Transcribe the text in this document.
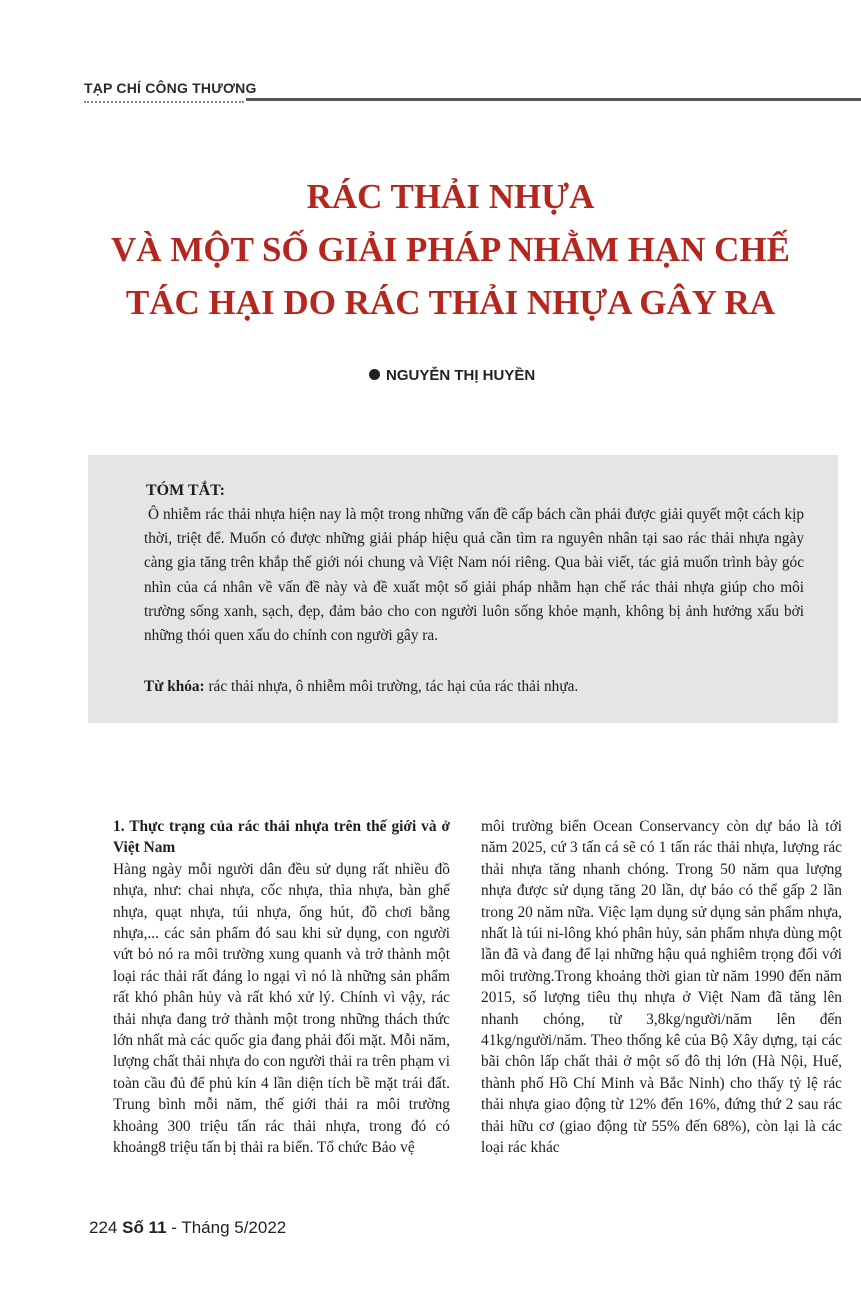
TẠP CHÍ CÔNG THƯƠNG
RÁC THẢI NHỰA
VÀ MỘT SỐ GIẢI PHÁP NHẰM HẠN CHẾ
TÁC HẠI DO RÁC THẢI NHỰA GÂY RA
NGUYỄN THỊ HUYỀN
TÓM TẮT:

Ô nhiễm rác thải nhựa hiện nay là một trong những vấn đề cấp bách cần phải được giải quyết một cách kịp thời, triệt để. Muốn có được những giải pháp hiệu quả cần tìm ra nguyên nhân tại sao rác thải nhựa ngày càng gia tăng trên khắp thế giới nói chung và Việt Nam nói riêng. Qua bài viết, tác giả muốn trình bày góc nhìn của cá nhân về vấn đề này và đề xuất một số giải pháp nhằm hạn chế rác thải nhựa giúp cho môi trường sống xanh, sạch, đẹp, đảm bảo cho con người luôn sống khỏe mạnh, không bị ảnh hưởng xấu bởi những thói quen xấu do chính con người gây ra.

Từ khóa: rác thải nhựa, ô nhiễm môi trường, tác hại của rác thải nhựa.

1. Thực trạng của rác thải nhựa trên thế giới và ở Việt Nam

Hàng ngày mỗi người dân đều sử dụng rất nhiều đồ nhựa, như: chai nhựa, cốc nhựa, thìa nhựa, bàn ghế nhựa, quạt nhựa, túi nhựa, ống hút, đồ chơi bằng nhựa,... các sản phẩm đó sau khi sử dụng, con người vứt bỏ nó ra môi trường xung quanh và trở thành một loại rác thải rất đáng lo ngại vì nó là những sản phẩm rất khó phân hủy và rất khó xử lý. Chính vì vậy, rác thải nhựa đang trở thành một trong những thách thức lớn nhất mà các quốc gia đang phải đối mặt. Mỗi năm, lượng chất thải nhựa do con người thải ra trên phạm vi toàn cầu đủ để phủ kín 4 lần diện tích bề mặt trái đất. Trung bình mỗi năm, thế giới thải ra môi trường khoảng 300 triệu tấn rác thải nhựa, trong đó có khoảng8 triệu tấn bị thải ra biển. Tổ chức Bảo vệ

môi trường biển Ocean Conservancy còn dự báo là tới năm 2025, cứ 3 tấn cá sẽ có 1 tấn rác thải nhựa, lượng rác thải nhựa tăng nhanh chóng. Trong 50 năm qua lượng nhựa được sử dụng tăng 20 lần, dự báo có thể gấp 2 lần trong 20 năm nữa. Việc lạm dụng sử dụng sản phẩm nhựa, nhất là túi ni-lông khó phân hủy, sản phẩm nhựa dùng một lần đã và đang để lại những hậu quả nghiêm trọng đối với môi trường.Trong khoảng thời gian từ năm 1990 đến năm 2015, số lượng tiêu thụ nhựa ở Việt Nam đã tăng lên nhanh chóng, từ 3,8kg/người/năm lên đến 41kg/người/năm. Theo thống kê của Bộ Xây dựng, tại các bãi chôn lấp chất thải ở một số đô thị lớn (Hà Nội, Huế, thành phố Hồ Chí Minh và Bắc Ninh) cho thấy tỷ lệ rác thải nhựa giao động từ 12% đến 16%, đứng thứ 2 sau rác thải hữu cơ (giao động từ 55% đến 68%), còn lại là các loại rác khác

224 Số 11 - Tháng 5/2022
